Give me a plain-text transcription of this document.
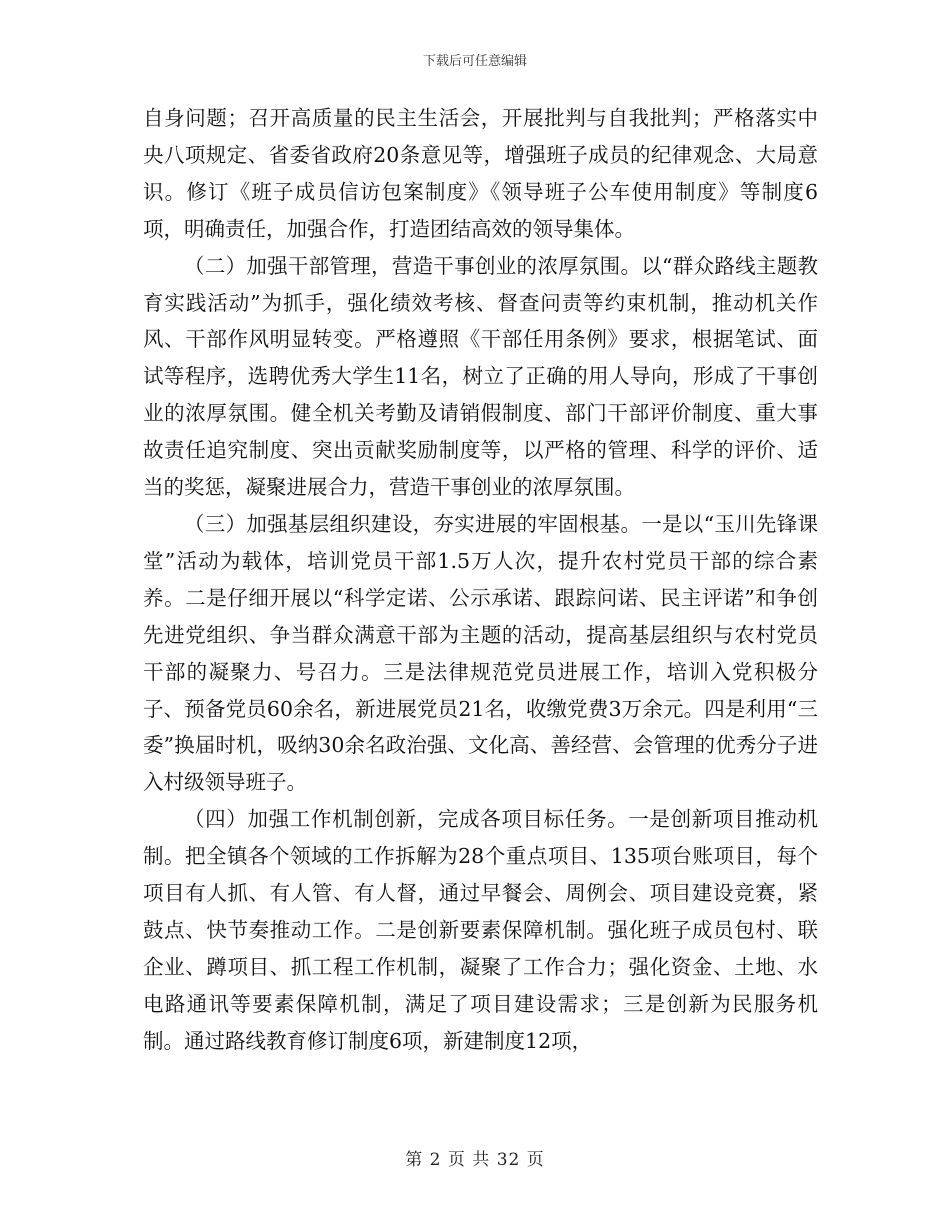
下载后可任意编辑

自身问题；召开高质量的民主生活会，开展批判与自我批判；严格落实中央八项规定、省委省政府20条意见等，增强班子成员的纪律观念、大局意识。修订《班子成员信访包案制度》《领导班子公车使用制度》等制度6项，明确责任，加强合作，打造团结高效的领导集体。

（二）加强干部管理，营造干事创业的浓厚氛围。以“群众路线主题教育实践活动”为抓手，强化绩效考核、督查问责等约束机制，推动机关作风、干部作风明显转变。严格遵照《干部任用条例》要求，根据笔试、面试等程序，选聘优秀大学生11名，树立了正确的用人导向，形成了干事创业的浓厚氛围。健全机关考勤及请销假制度、部门干部评价制度、重大事故责任追究制度、突出贡献奖励制度等，以严格的管理、科学的评价、适当的奖惩，凝聚进展合力，营造干事创业的浓厚氛围。

（三）加强基层组织建设，夯实进展的牢固根基。一是以“玉川先锋课堂”活动为载体，培训党员干部1.5万人次，提升农村党员干部的综合素养。二是仔细开展以“科学定诺、公示承诺、跟踪问诺、民主评诺”和争创先进党组织、争当群众满意干部为主题的活动，提高基层组织与农村党员干部的凝聚力、号召力。三是法律规范党员进展工作，培训入党积极分子、预备党员60余名，新进展党员21名，收缴党费3万余元。四是利用“三委”换届时机，吸纳30余名政治强、文化高、善经营、会管理的优秀分子进入村级领导班子。

（四）加强工作机制创新，完成各项目标任务。一是创新项目推动机制。把全镇各个领域的工作拆解为28个重点项目、135项台账项目，每个项目有人抓、有人管、有人督，通过早餐会、周例会、项目建设竞赛，紧鼓点、快节奏推动工作。二是创新要素保障机制。强化班子成员包村、联企业、蹲项目、抓工程工作机制，凝聚了工作合力；强化资金、土地、水电路通讯等要素保障机制，满足了项目建设需求；三是创新为民服务机制。通过路线教育修订制度6项，新建制度12项，

第 2 页 共 32 页
